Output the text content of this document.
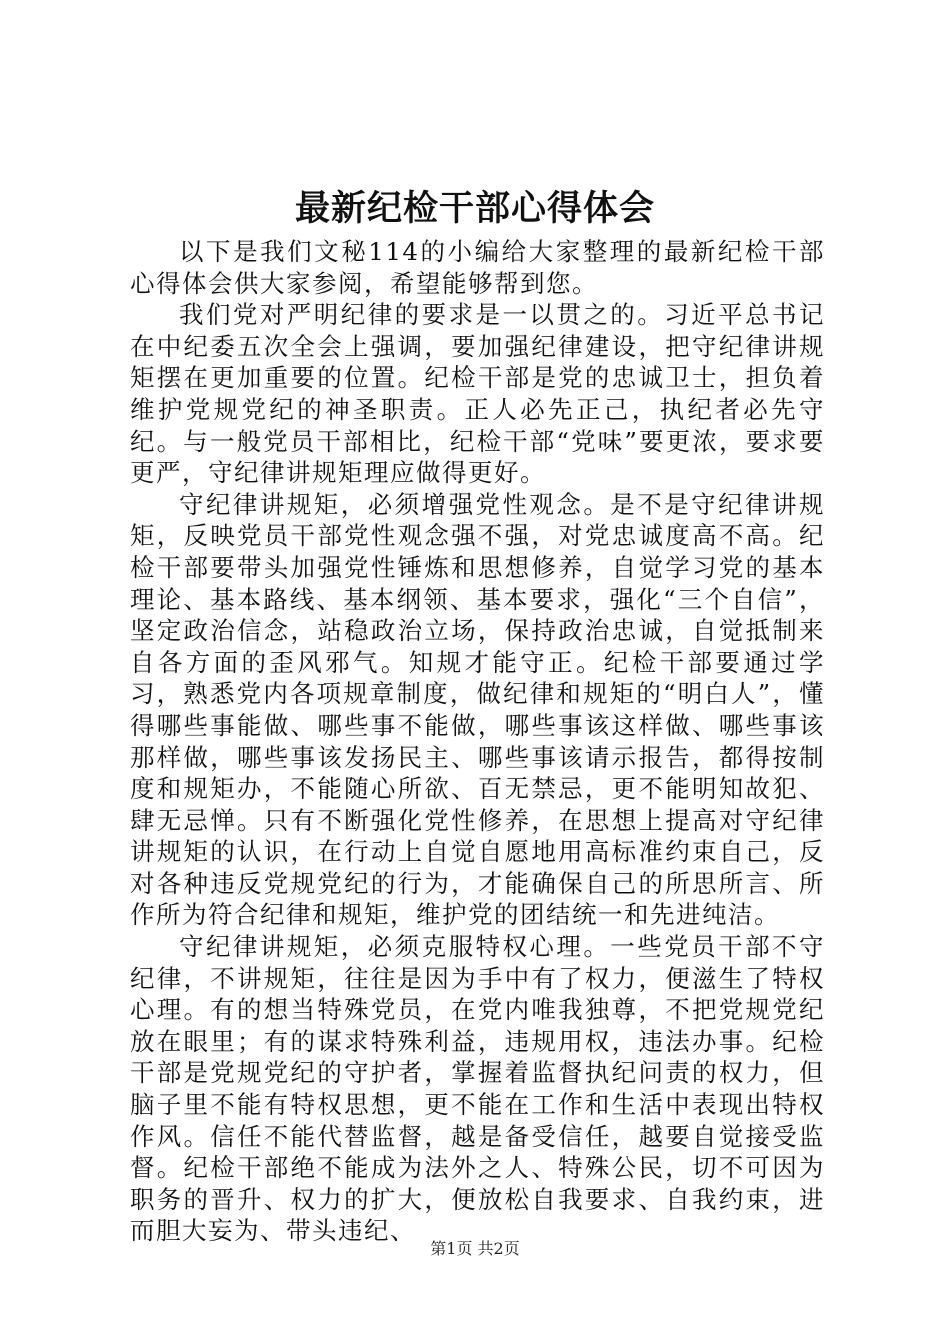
最新纪检干部心得体会

以下是我们文秘114的小编给大家整理的最新纪检干部心得体会供大家参阅，希望能够帮到您。

我们党对严明纪律的要求是一以贯之的。习近平总书记在中纪委五次全会上强调，要加强纪律建设，把守纪律讲规矩摆在更加重要的位置。纪检干部是党的忠诚卫士，担负着维护党规党纪的神圣职责。正人必先正己，执纪者必先守纪。与一般党员干部相比，纪检干部“党味”要更浓，要求要更严，守纪律讲规矩理应做得更好。

守纪律讲规矩，必须增强党性观念。是不是守纪律讲规矩，反映党员干部党性观念强不强，对党忠诚度高不高。纪检干部要带头加强党性锤炼和思想修养，自觉学习党的基本理论、基本路线、基本纲领、基本要求，强化“三个自信”，坚定政治信念，站稳政治立场，保持政治忠诚，自觉抵制来自各方面的歪风邪气。知规才能守正。纪检干部要通过学习，熟悉党内各项规章制度，做纪律和规矩的“明白人”，懂得哪些事能做、哪些事不能做，哪些事该这样做、哪些事该那样做，哪些事该发扬民主、哪些事该请示报告，都得按制度和规矩办，不能随心所欲、百无禁忌，更不能明知故犯、肆无忌惮。只有不断强化党性修养，在思想上提高对守纪律讲规矩的认识，在行动上自觉自愿地用高标准约束自己，反对各种违反党规党纪的行为，才能确保自己的所思所言、所作所为符合纪律和规矩，维护党的团结统一和先进纯洁。

守纪律讲规矩，必须克服特权心理。一些党员干部不守纪律，不讲规矩，往往是因为手中有了权力，便滋生了特权心理。有的想当特殊党员，在党内唯我独尊，不把党规党纪放在眼里；有的谋求特殊利益，违规用权，违法办事。纪检干部是党规党纪的守护者，掌握着监督执纪问责的权力，但脑子里不能有特权思想，更不能在工作和生活中表现出特权作风。信任不能代替监督，越是备受信任，越要自觉接受监督。纪检干部绝不能成为法外之人、特殊公民，切不可因为职务的晋升、权力的扩大，便放松自我要求、自我约束，进而胆大妄为、带头违纪、

第1页 共2页
